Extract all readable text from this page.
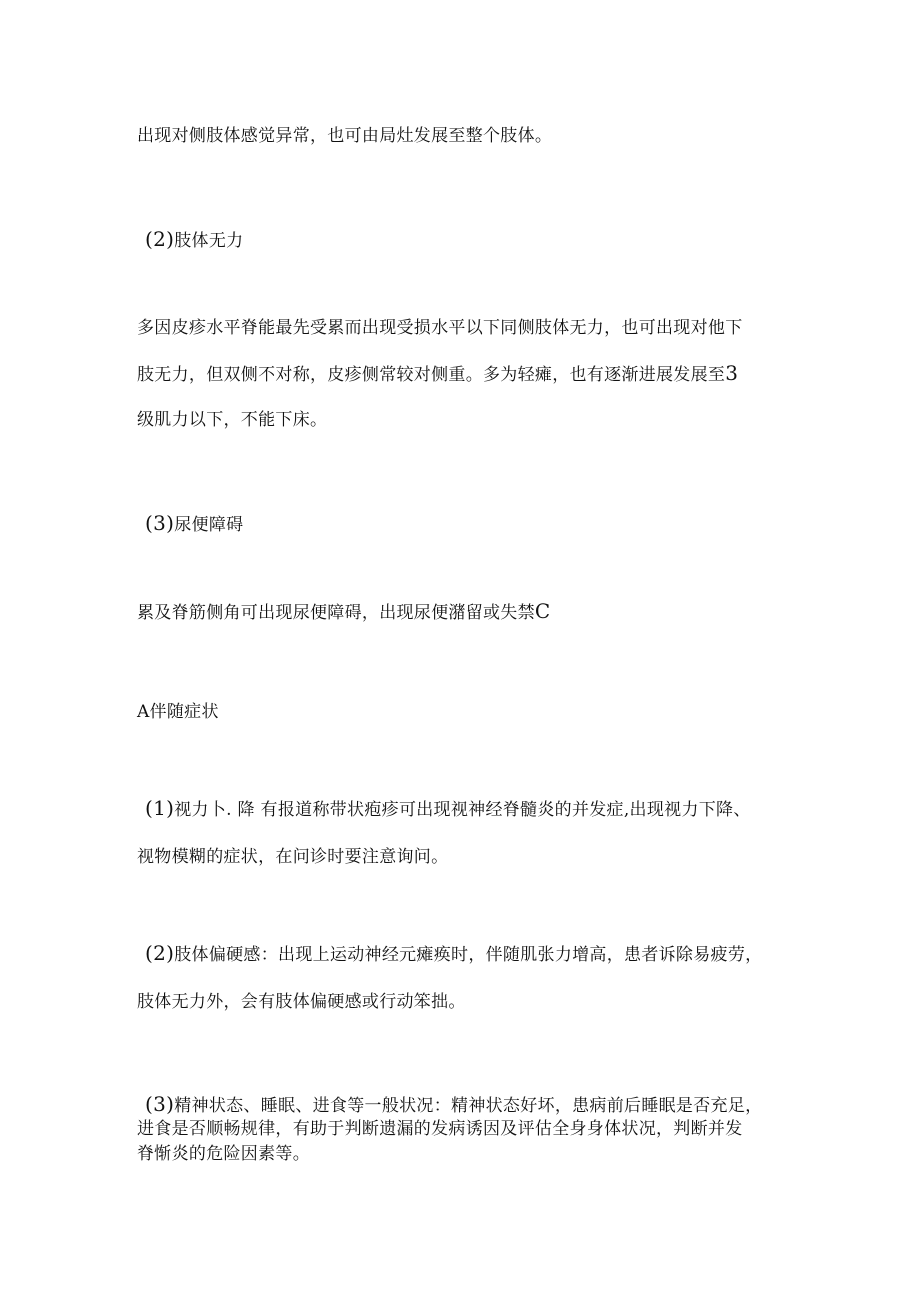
出现对侧肢体感觉异常，也可由局灶发展至整个肢体。

(2)肢体无力

多因皮疹水平脊能最先受累而出现受损水平以下同侧肢体无力，也可出现对他下

肢无力，但双侧不对称，皮疹侧常较对侧重。多为轻瘫，也有逐渐进展发展至3

级肌力以下，不能下床。

(3)尿便障碍

累及脊筋侧角可出现尿便障碍，出现尿便潴留或失禁C

A伴随症状

(1)视力卜. 降 有报道称带状疱疹可出现视神经脊髓炎的并发症,出现视力下降、

视物模糊的症状，在问诊时要注意询问。

(2)肢体偏硬感：出现上运动神经元瘫痪时，伴随肌张力增高，患者诉除易疲劳，

肢体无力外，会有肢体偏硬感或行动笨拙。

(3)精神状态、睡眠、进食等一般状况：精神状态好坏，患病前后睡眠是否充足，

进食是否顺畅规律，有助于判断遗漏的发病诱因及评估全身身体状况，判断并发

脊惭炎的危险因素等。
